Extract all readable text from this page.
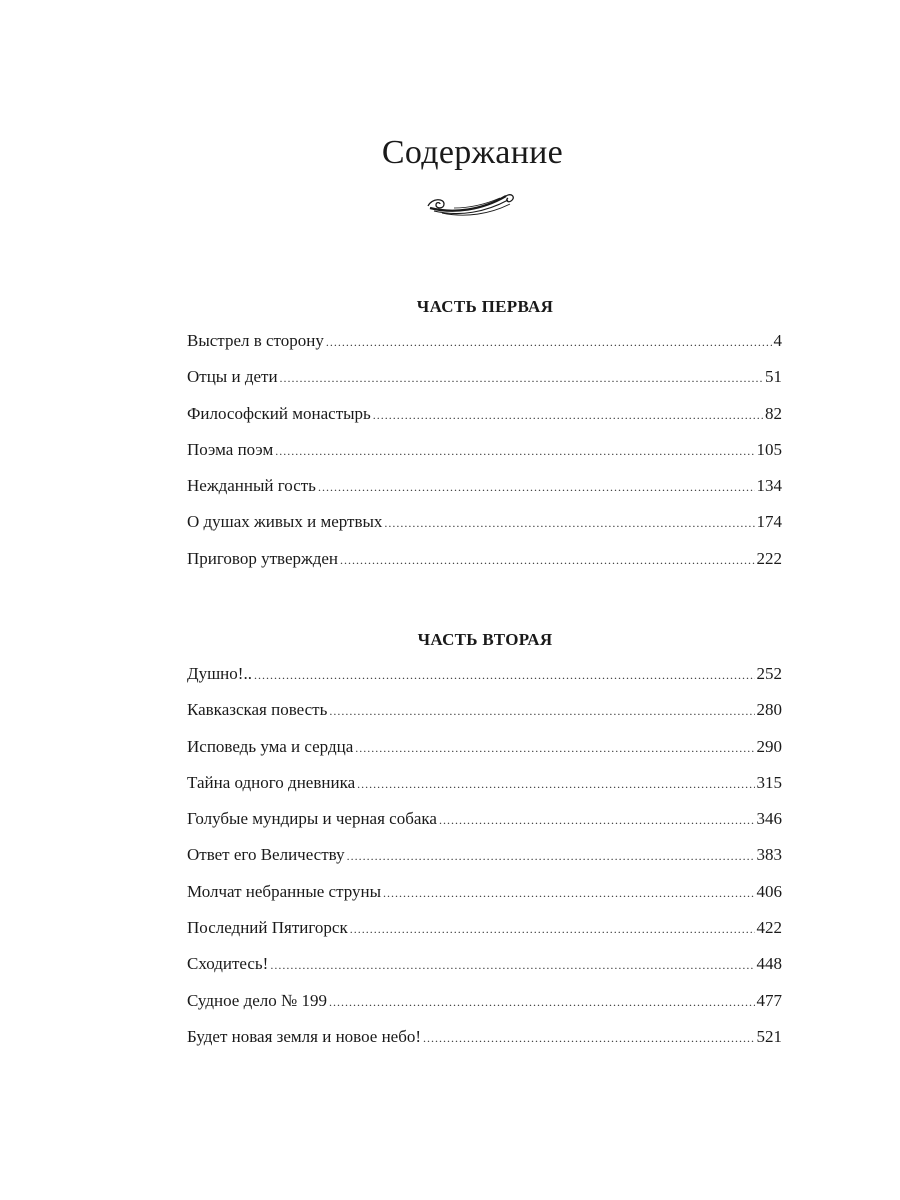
Содержание
ЧАСТЬ ПЕРВАЯ
Выстрел в сторону .....	4
Отцы и дети .....	51
Философский монастырь .....	82
Поэма поэм .....	105
Нежданный гость .....	134
О душах живых и мертвых .....	174
Приговор утвержден .....	222
ЧАСТЬ ВТОРАЯ
Душно!.. .....	252
Кавказская повесть .....	280
Исповедь ума и сердца .....	290
Тайна одного дневника .....	315
Голубые мундиры и черная собака .....	346
Ответ его Величеству .....	383
Молчат небранные струны .....	406
Последний Пятигорск .....	422
Сходитесь! .....	448
Судное дело № 199 .....	477
Будет новая земля и новое небо! .....	521
